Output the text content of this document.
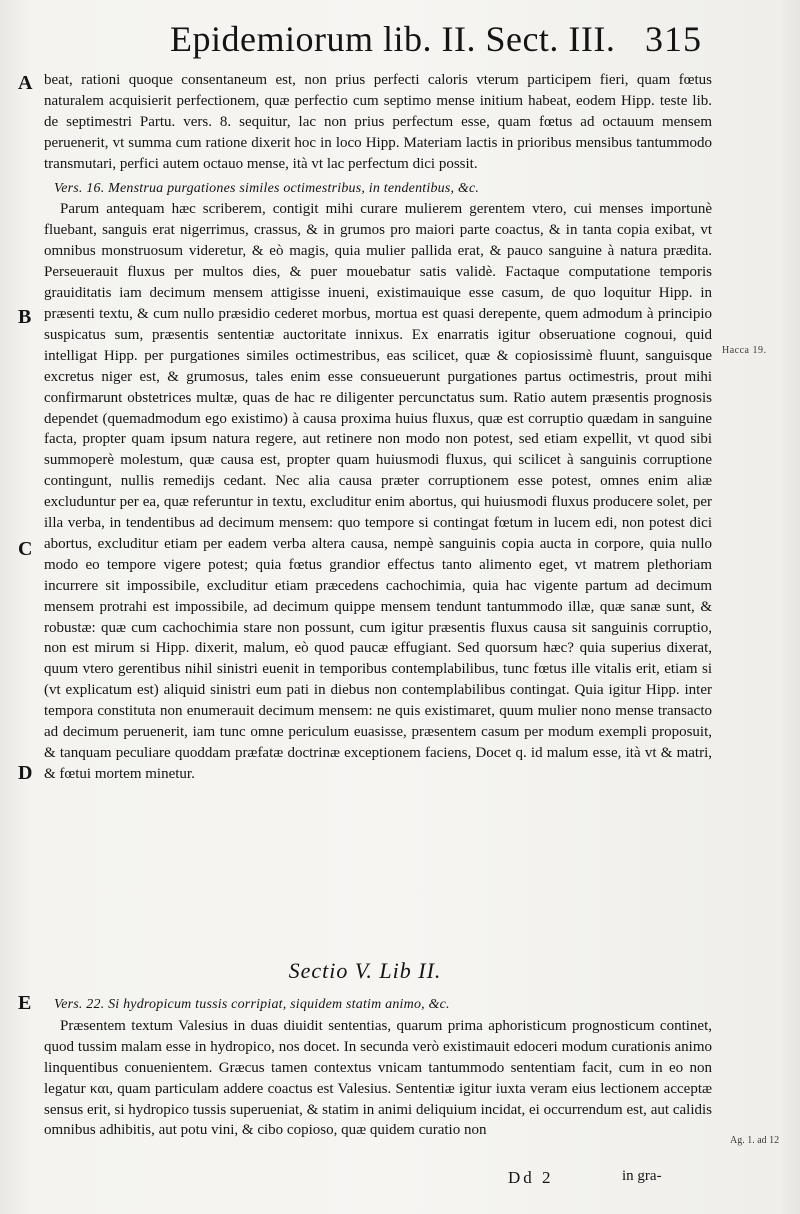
Epidemiorum lib. II. Sect. III. 315
A
B
C
D
E
Hacca 19.
Ag. 1. ad 12

beat, rationi quoque consentaneum est, non prius perfecti caloris vterum participem fieri, quam fœtus naturalem acquisierit perfectionem, quæ perfectio cum septimo mense initium habeat, eodem Hipp. teste lib. de septimestri Partu. vers. 8. sequitur, lac non prius perfectum esse, quam fœtus ad octauum mensem peruenerit, vt summa cum ratione dixerit hoc in loco Hipp. Materiam lactis in prioribus mensibus tantummodo transmutari, perfici autem octauo mense, ità vt lac perfectum dici possit.

Vers. 16. Menstrua purgationes similes octimestribus, in tendentibus, &c.

Parum antequam hæc scriberem, contigit mihi curare mulierem gerentem vtero, cui menses importunè fluebant, sanguis erat nigerrimus, crassus, & in grumos pro maiori parte coactus, & in tanta copia exibat, vt omnibus monstruosum videretur, & eò magis, quia mulier pallida erat, & pauco sanguine à natura prædita. Perseuerauit fluxus per multos dies, & puer mouebatur satis validè. Factaque computatione temporis grauiditatis iam decimum mensem attigisse inueni, existimauique esse casum, de quo loquitur Hipp. in præsenti textu, & cum nullo præsidio cederet morbus, mortua est quasi derepente, quem admodum à principio suspicatus sum, præsentis sententiæ auctoritate innixus. Ex enarratis igitur obseruatione cognoui, quid intelligat Hipp. per purgationes similes octimestribus, eas scilicet, quæ & copiosissimè fluunt, sanguisque excretus niger est, & grumosus, tales enim esse consueuerunt purgationes partus octimestris, prout mihi confirmarunt obstetrices multæ, quas de hac re diligenter percunctatus sum. Ratio autem præsentis prognosis dependet (quemadmodum ego existimo) à causa proxima huius fluxus, quæ est corruptio quædam in sanguine facta, propter quam ipsum natura regere, aut retinere non modo non potest, sed etiam expellit, vt quod sibi summoperè molestum, quæ causa est, propter quam huiusmodi fluxus, qui scilicet à sanguinis corruptione contingunt, nullis remedijs cedant. Nec alia causa præter corruptionem esse potest, omnes enim aliæ excluduntur per ea, quæ referuntur in textu, excluditur enim abortus, qui huiusmodi fluxus producere solet, per illa verba, in tendentibus ad decimum mensem: quo tempore si contingat fœtum in lucem edi, non potest dici abortus, excluditur etiam per eadem verba altera causa, nempè sanguinis copia aucta in corpore, quia nullo modo eo tempore vigere potest; quia fœtus grandior effectus tanto alimento eget, vt matrem plethoriam incurrere sit impossibile, excluditur etiam præcedens cachochimia, quia hac vigente partum ad decimum mensem protrahi est impossibile, ad decimum quippe mensem tendunt tantummodo illæ, quæ sanæ sunt, & robustæ: quæ cum cachochimia stare non possunt, cum igitur præsentis fluxus causa sit sanguinis corruptio, non est mirum si Hipp. dixerit, malum, eò quod paucæ effugiant. Sed quorsum hæc? quia superius dixerat, quum vtero gerentibus nihil sinistri euenit in temporibus contemplabilibus, tunc fœtus ille vitalis erit, etiam si (vt explicatum est) aliquid sinistri eum pati in diebus non contemplabilibus contingat. Quia igitur Hipp. inter tempora constituta non enumerauit decimum mensem: ne quis existimaret, quum mulier nono mense transacto ad decimum peruenerit, iam tunc omne periculum euasisse, præsentem casum per modum exempli proposuit, & tanquam peculiare quoddam præfatæ doctrinæ exceptionem faciens, Docet q. id malum esse, ità vt & matri, & fœtui mortem minetur.

Sectio V. Lib II.

Vers. 22. Si hydropicum tussis corripiat, siquidem statim animo, &c.

Præsentem textum Valesius in duas diuidit sententias, quarum prima aphoristicum prognosticum continet, quod tussim malam esse in hydropico, nos docet. In secunda verò existimauit edoceri modum curationis animo linquentibus conuenientem. Græcus tamen contextus vnicam tantummodo sententiam facit, cum in eo non legatur και, quam particulam addere coactus est Valesius. Sententiæ igitur iuxta veram eius lectionem acceptæ sensus erit, si hydropico tussis superueniat, & statim in animi deliquium incidat, ei occurrendum est, aut calidis omnibus adhibitis, aut potu vini, & cibo copioso, quæ quidem curatio non

Dd 2	in gra-
